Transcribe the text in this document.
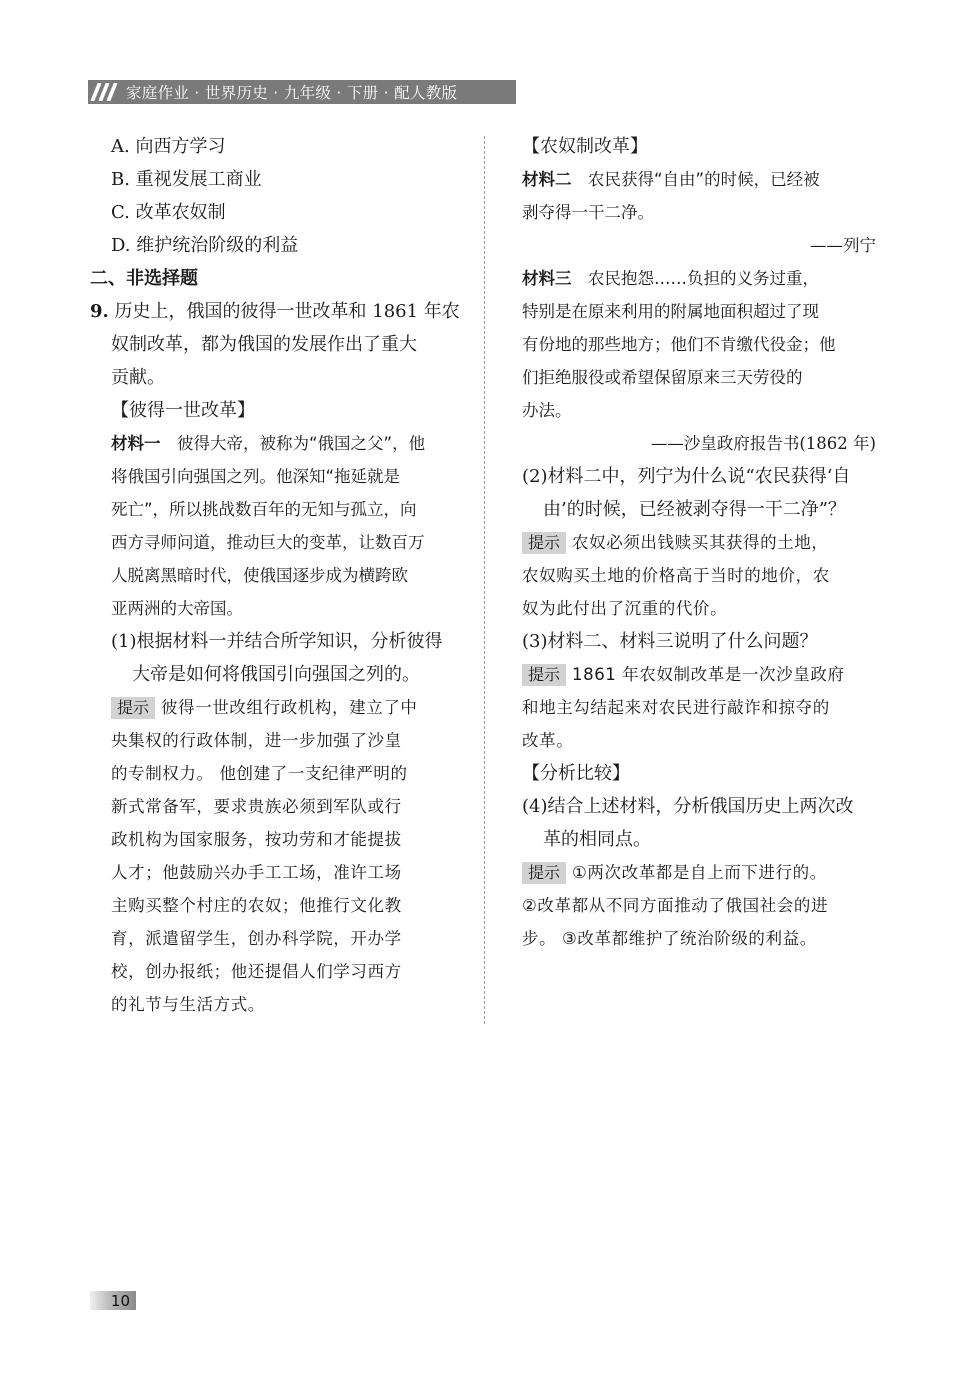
家庭作业 · 世界历史 · 九年级 · 下册 · 配人教版
A. 向西方学习
B. 重视发展工商业
C. 改革农奴制
D. 维护统治阶级的利益
二、非选择题
9. 历史上，俄国的彼得一世改革和 1861 年农
奴制改革，都为俄国的发展作出了重大
贡献。
【彼得一世改革】
材料一　 彼得大帝，被称为“俄国之父”，他
将俄国引向强国之列。他深知“拖延就是
死亡”，所以挑战数百年的无知与孤立，向
西方寻师问道，推动巨大的变革，让数百万
人脱离黑暗时代，使俄国逐步成为横跨欧
亚两洲的大帝国。
(1)根据材料一并结合所学知识，分析彼得
大帝是如何将俄国引向强国之列的。
提示 彼得一世改组行政机构，建立了中
央集权的行政体制，进一步加强了沙皇
的专制权力。 他创建了一支纪律严明的
新式常备军，要求贵族必须到军队或行
政机构为国家服务，按功劳和才能提拔
人才；他鼓励兴办手工工场，准许工场
主购买整个村庄的农奴；他推行文化教
育，派遣留学生，创办科学院，开办学
校，创办报纸；他还提倡人们学习西方
的礼节与生活方式。
【农奴制改革】
材料二　 农民获得“自由”的时候，已经被
剥夺得一干二净。
——列宁
材料三　 农民抱怨……负担的义务过重，
特别是在原来利用的附属地面积超过了现
有份地的那些地方；他们不肯缴代役金；他
们拒绝服役或希望保留原来三天劳役的
办法。
——沙皇政府报告书(1862 年)
(2)材料二中，列宁为什么说“农民获得‘自
由’的时候，已经被剥夺得一干二净”？
提示 农奴必须出钱赎买其获得的土地，
农奴购买土地的价格高于当时的地价，农
奴为此付出了沉重的代价。
(3)材料二、材料三说明了什么问题？
提示 1861 年农奴制改革是一次沙皇政府
和地主勾结起来对农民进行敲诈和掠夺的
改革。
【分析比较】
(4)结合上述材料，分析俄国历史上两次改
革的相同点。
提示 ①两次改革都是自上而下进行的。
②改革都从不同方面推动了俄国社会的进
步。 ③改革都维护了统治阶级的利益。
10
